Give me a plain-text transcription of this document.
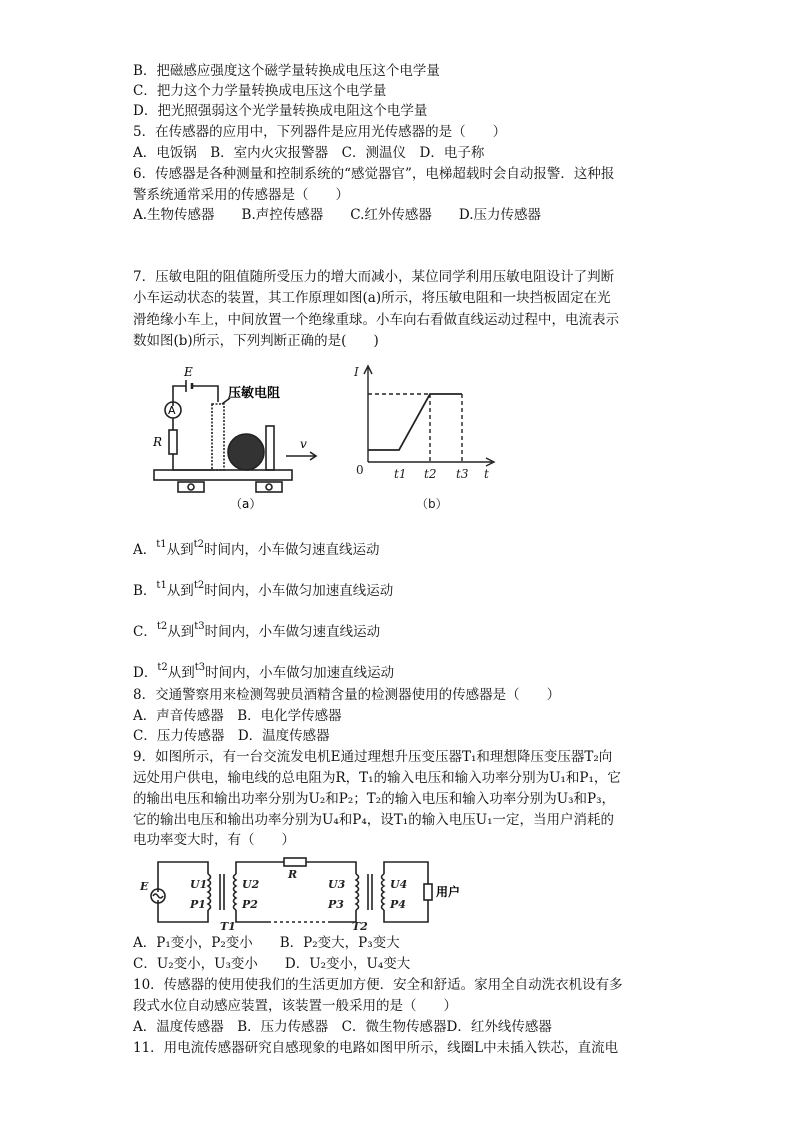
B．把磁感应强度这个磁学量转换成电压这个电学量
C．把力这个力学量转换成电压这个电学量
D．把光照强弱这个光学量转换成电阻这个电学量
5．在传感器的应用中，下列器件是应用光传感器的是（　　）
A．电饭锅　B．室内火灾报警器　C．测温仪　D．电子称
6．传感器是各种测量和控制系统的“感觉器官”，电梯超载时会自动报警．这种报
警系统通常采用的传感器是（　　）
A.生物传感器　　B.声控传感器　　C.红外传感器　　D.压力传感器
7．压敏电阻的阻值随所受压力的增大而减小，某位同学利用压敏电阻设计了判断
小车运动状态的装置，其工作原理如图(a)所示，将压敏电阻和一块挡板固定在光
滑绝缘小车上，中间放置一个绝缘重球。小车向右看做直线运动过程中，电流表示
数如图(b)所示，下列判断正确的是(　　)
E
A
R
压敏电阻
v
（a）
I
0	t1 t2 t3 t
（b）
A．$^{t1}$从到$^{t2}$时间内，小车做匀速直线运动
B．$^{t1}$从到$^{t2}$时间内，小车做匀加速直线运动
C．$^{t2}$从到$^{t3}$时间内，小车做匀速直线运动
D．$^{t2}$从到$^{t3}$时间内，小车做匀加速直线运动
8．交通警察用来检测驾驶员酒精含量的检测器使用的传感器是（　　）
A．声音传感器　B．电化学传感器
C．压力传感器　D．温度传感器
9．如图所示，有一台交流发电机E通过理想升压变压器T₁和理想降压变压器T₂向
远处用户供电，输电线的总电阻为R，T₁的输入电压和输入功率分别为U₁和P₁，它
的输出电压和输出功率分别为U₂和P₂；T₂的输入电压和输入功率分别为U₃和P₃，
它的输出电压和输出功率分别为U₄和P₄，设T₁的输入电压U₁一定，当用户消耗的
电功率变大时，有（　　）
E	U1
P1
U2
P2
R
U3
P3
U4
P4
T1	T2
用户
A．P₁变小，P₂变小　　B．P₂变大，P₃变大
C．U₂变小，U₃变小　　D．U₂变小，U₄变大
10．传感器的使用使我们的生活更加方便．安全和舒适。家用全自动洗衣机设有多
段式水位自动感应装置，该装置一般采用的是（　　）
A．温度传感器　B．压力传感器　C．微生物传感器D．红外线传感器
11．用电流传感器研究自感现象的电路如图甲所示，线圈L中未插入铁芯，直流电
